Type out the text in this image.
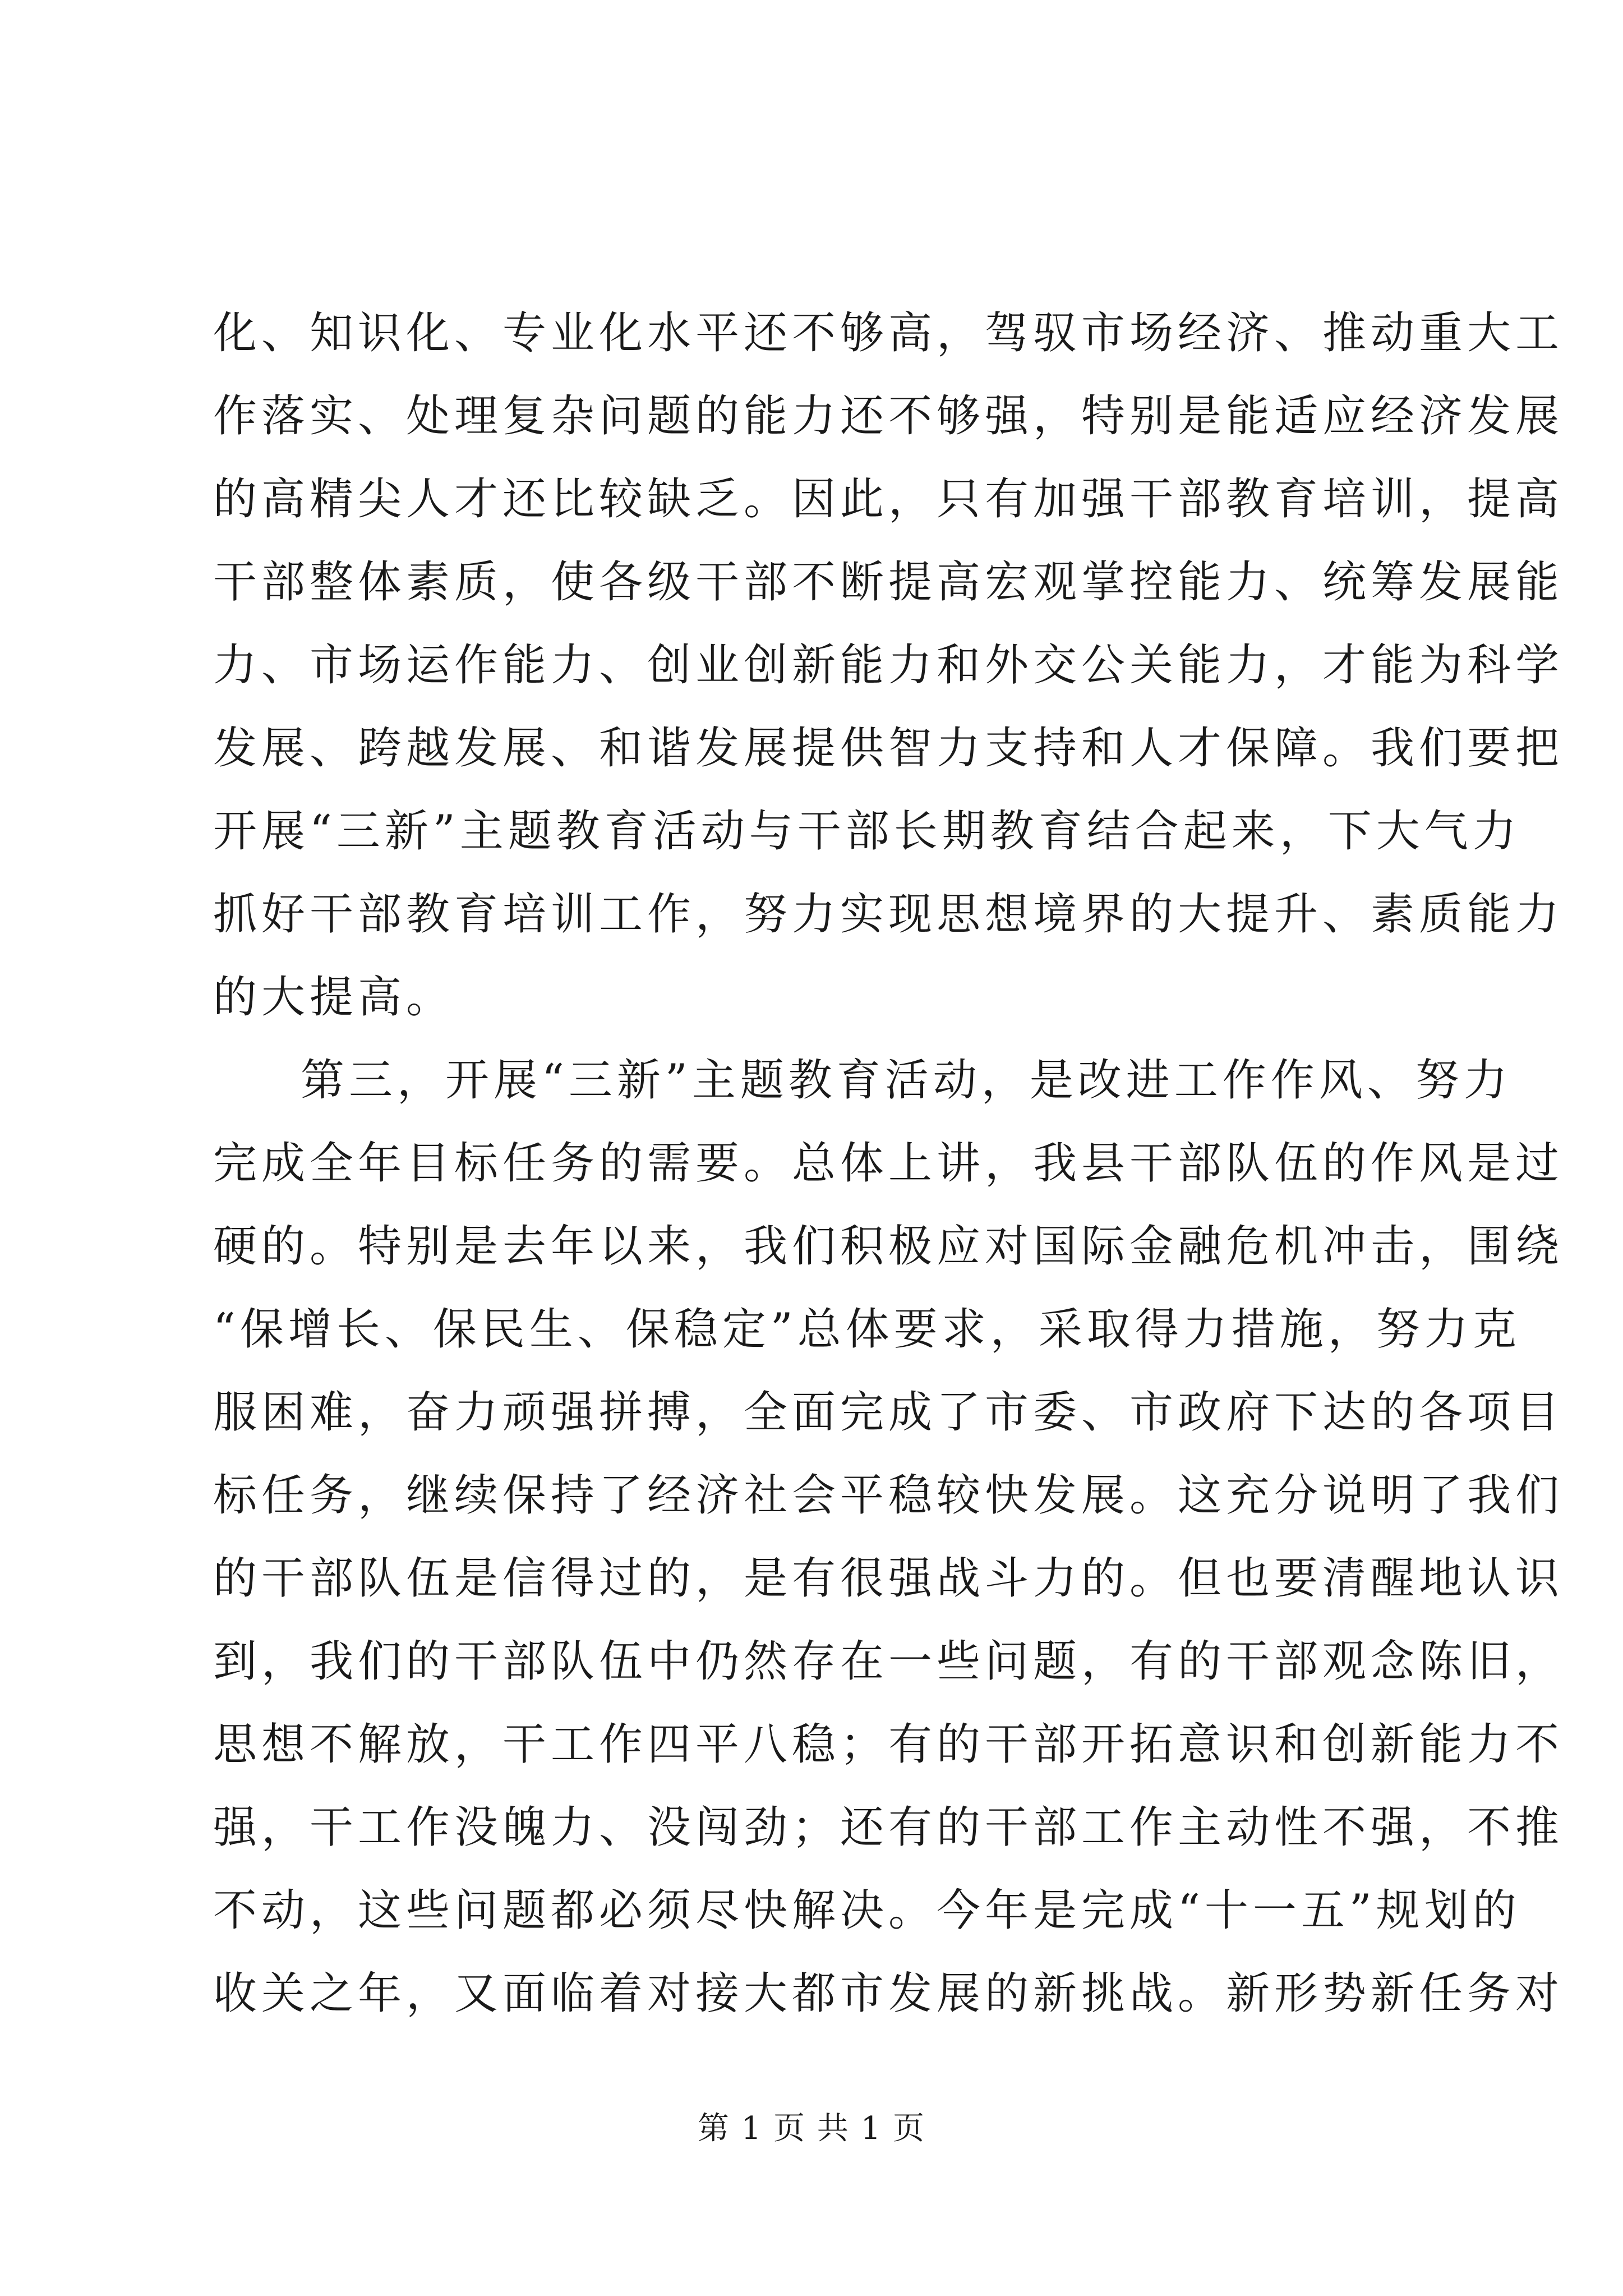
化、知识化、专业化水平还不够高，驾驭市场经济、推动重大工
作落实、处理复杂问题的能力还不够强，特别是能适应经济发展
的高精尖人才还比较缺乏。因此，只有加强干部教育培训，提高
干部整体素质，使各级干部不断提高宏观掌控能力、统筹发展能
力、市场运作能力、创业创新能力和外交公关能力，才能为科学
发展、跨越发展、和谐发展提供智力支持和人才保障。我们要把
开展“三新”主题教育活动与干部长期教育结合起来，下大气力
抓好干部教育培训工作，努力实现思想境界的大提升、素质能力
的大提高。
第三，开展“三新”主题教育活动，是改进工作作风、努力
完成全年目标任务的需要。总体上讲，我县干部队伍的作风是过
硬的。特别是去年以来，我们积极应对国际金融危机冲击，围绕
“保增长、保民生、保稳定”总体要求，采取得力措施，努力克
服困难，奋力顽强拼搏，全面完成了市委、市政府下达的各项目
标任务，继续保持了经济社会平稳较快发展。这充分说明了我们
的干部队伍是信得过的，是有很强战斗力的。但也要清醒地认识
到，我们的干部队伍中仍然存在一些问题，有的干部观念陈旧，
思想不解放，干工作四平八稳；有的干部开拓意识和创新能力不
强，干工作没魄力、没闯劲；还有的干部工作主动性不强，不推
不动，这些问题都必须尽快解决。今年是完成“十一五”规划的
收关之年，又面临着对接大都市发展的新挑战。新形势新任务对
第 1 页 共 1 页
